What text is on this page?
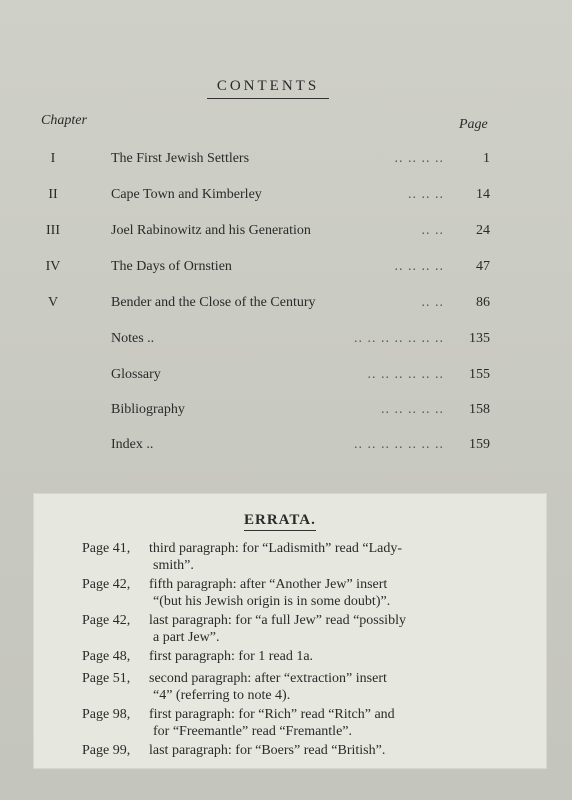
CONTENTS
Chapter	Page
I	The First Jewish Settlers	.. .. .. ..	1
II	Cape Town and Kimberley	.. .. .. 14
III	Joel Rabinowitz and his Generation	.. .. 24
IV	The Days of Ornstien	.. .. .. .. 47
V	Bender and the Close of the Century	.. .. 86
Notes ..	.. .. .. .. .. .. .. 135
Glossary	.. .. .. .. .. .. 155
Bibliography	.. .. .. .. .. 158
Index ..	.. .. .. .. .. .. .. 159
ERRATA.
Page 41, third paragraph: for “Ladismith” read “Lady-
smith”.
Page 42, fifth paragraph: after “Another Jew” insert
“(but his Jewish origin is in some doubt)”.
Page 42, last paragraph: for “a full Jew” read “possibly
a part Jew”.
Page 48, first paragraph: for 1 read 1a.
Page 51, second paragraph: after “extraction” insert
“4” (referring to note 4).
Page 98, first paragraph: for “Rich” read “Ritch” and
for “Freemantle” read “Fremantle”.
Page 99, last paragraph: for “Boers” read “British”.
